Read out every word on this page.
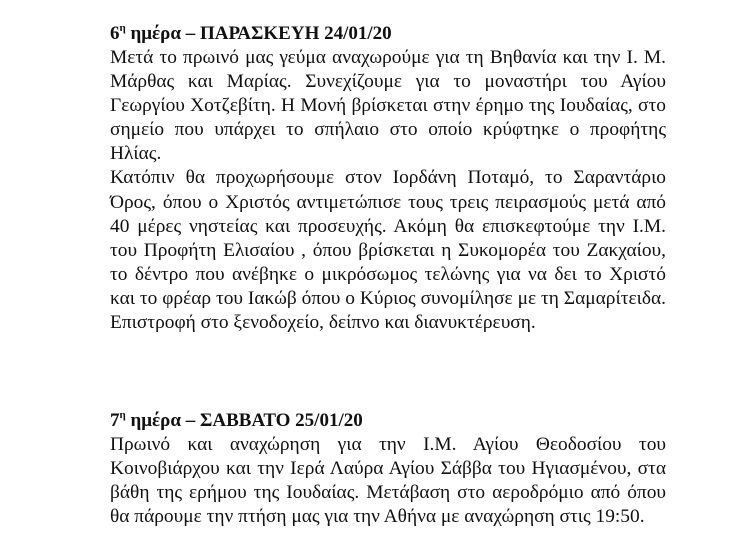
$6^\eta$ ημέρα – ΠΑΡΑΣΚΕΥΗ 24/01/20

Μετά το πρωινό μας γεύμα αναχωρούμε για τη Βηθανία και την Ι. Μ. Μάρθας και Μαρίας. Συνεχίζουμε για το μοναστήρι του Αγίου Γεωργίου Χοτζεβίτη. Η Μονή βρίσκεται στην έρημο της Ιουδαίας, στο σημείο που υπάρχει το σπήλαιο στο οποίο κρύφτηκε ο προφήτης Ηλίας.
Κατόπιν θα προχωρήσουμε στον Ιορδάνη Ποταμό, το Σαραντάριο Όρος, όπου ο Χριστός αντιμετώπισε τους τρεις πειρασμούς μετά από 40 μέρες νηστείας και προσευχής. Ακόμη θα επισκεφτούμε την Ι.Μ. του Προφήτη Ελισαίου , όπου βρίσκεται η Συκομορέα του Ζακχαίου, το δέντρο που ανέβηκε ο μικρόσωμος τελώνης για να δει το Χριστό και το φρέαρ του Ιακώβ όπου ο Κύριος συνομίλησε με τη Σαμαρίτειδα. Επιστροφή στο ξενοδοχείο, δείπνο και διανυκτέρευση.

$7^\eta$ ημέρα – ΣΑΒΒΑΤΟ 25/01/20

Πρωινό και αναχώρηση για την Ι.Μ. Αγίου Θεοδοσίου του Κοινοβιάρχου και την Ιερά Λαύρα Αγίου Σάββα του Ηγιασμένου, στα βάθη της ερήμου της Ιουδαίας. Μετάβαση στο αεροδρόμιο από όπου θα πάρουμε την πτήση μας για την Αθήνα με αναχώρηση στις 19:50.
